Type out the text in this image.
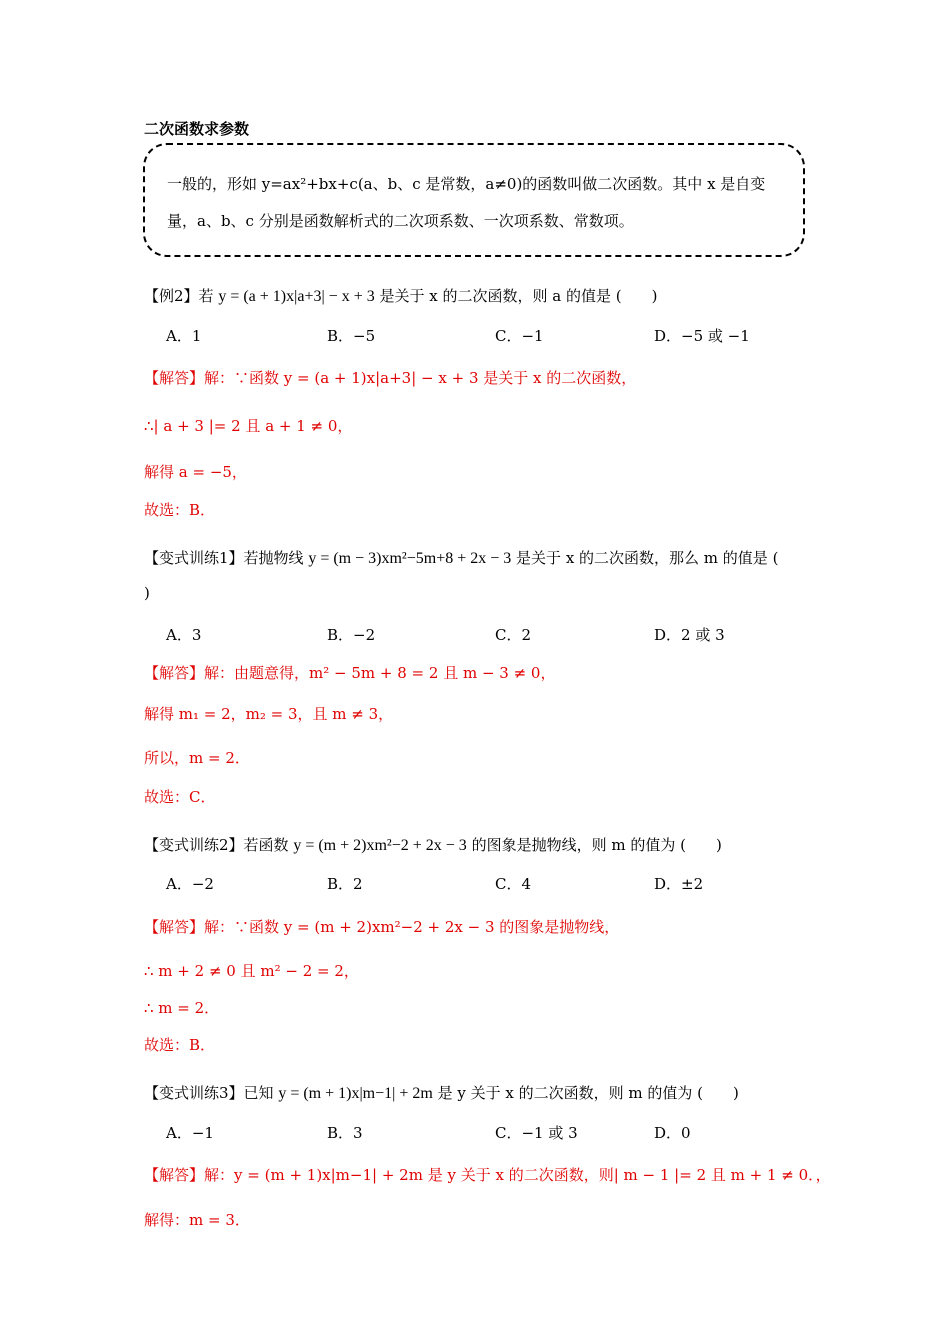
二次函数求参数
一般的，形如 y=ax²+bx+c(a、b、c 是常数，a≠0)的函数叫做二次函数。其中 x 是自变
量，a、b、c 分别是函数解析式的二次项系数、一次项系数、常数项。
【例2】若 y = (a + 1)x|a+3| − x + 3 是关于 x 的二次函数，则 a 的值是 (　　)
A．1	B．−5	C．−1	D．−5 或 −1
【解答】解：∵函数 y = (a + 1)x|a+3| − x + 3 是关于 x 的二次函数，
∴| a + 3 |= 2 且 a + 1 ≠ 0，
解得 a = −5，
故选：B．
【变式训练1】若抛物线 y = (m − 3)xm²−5m+8 + 2x − 3 是关于 x 的二次函数，那么 m 的值是 (
)
A．3	B．−2	C．2	D．2 或 3
【解答】解：由题意得，m² − 5m + 8 = 2 且 m − 3 ≠ 0，
解得 m₁ = 2，m₂ = 3，且 m ≠ 3，
所以，m = 2．
故选：C．
【变式训练2】若函数 y = (m + 2)xm²−2 + 2x − 3 的图象是抛物线，则 m 的值为 (　　)
A．−2	B．2	C．4	D．±2
【解答】解：∵函数 y = (m + 2)xm²−2 + 2x − 3 的图象是抛物线，
∴ m + 2 ≠ 0 且 m² − 2 = 2，
∴ m = 2．
故选：B．
【变式训练3】已知 y = (m + 1)x|m−1| + 2m 是 y 关于 x 的二次函数，则 m 的值为 (　　)
A．−1	B．3	C．−1 或 3	D．0
【解答】解：y = (m + 1)x|m−1| + 2m 是 y 关于 x 的二次函数，则| m − 1 |= 2 且 m + 1 ≠ 0．，
解得：m = 3．
